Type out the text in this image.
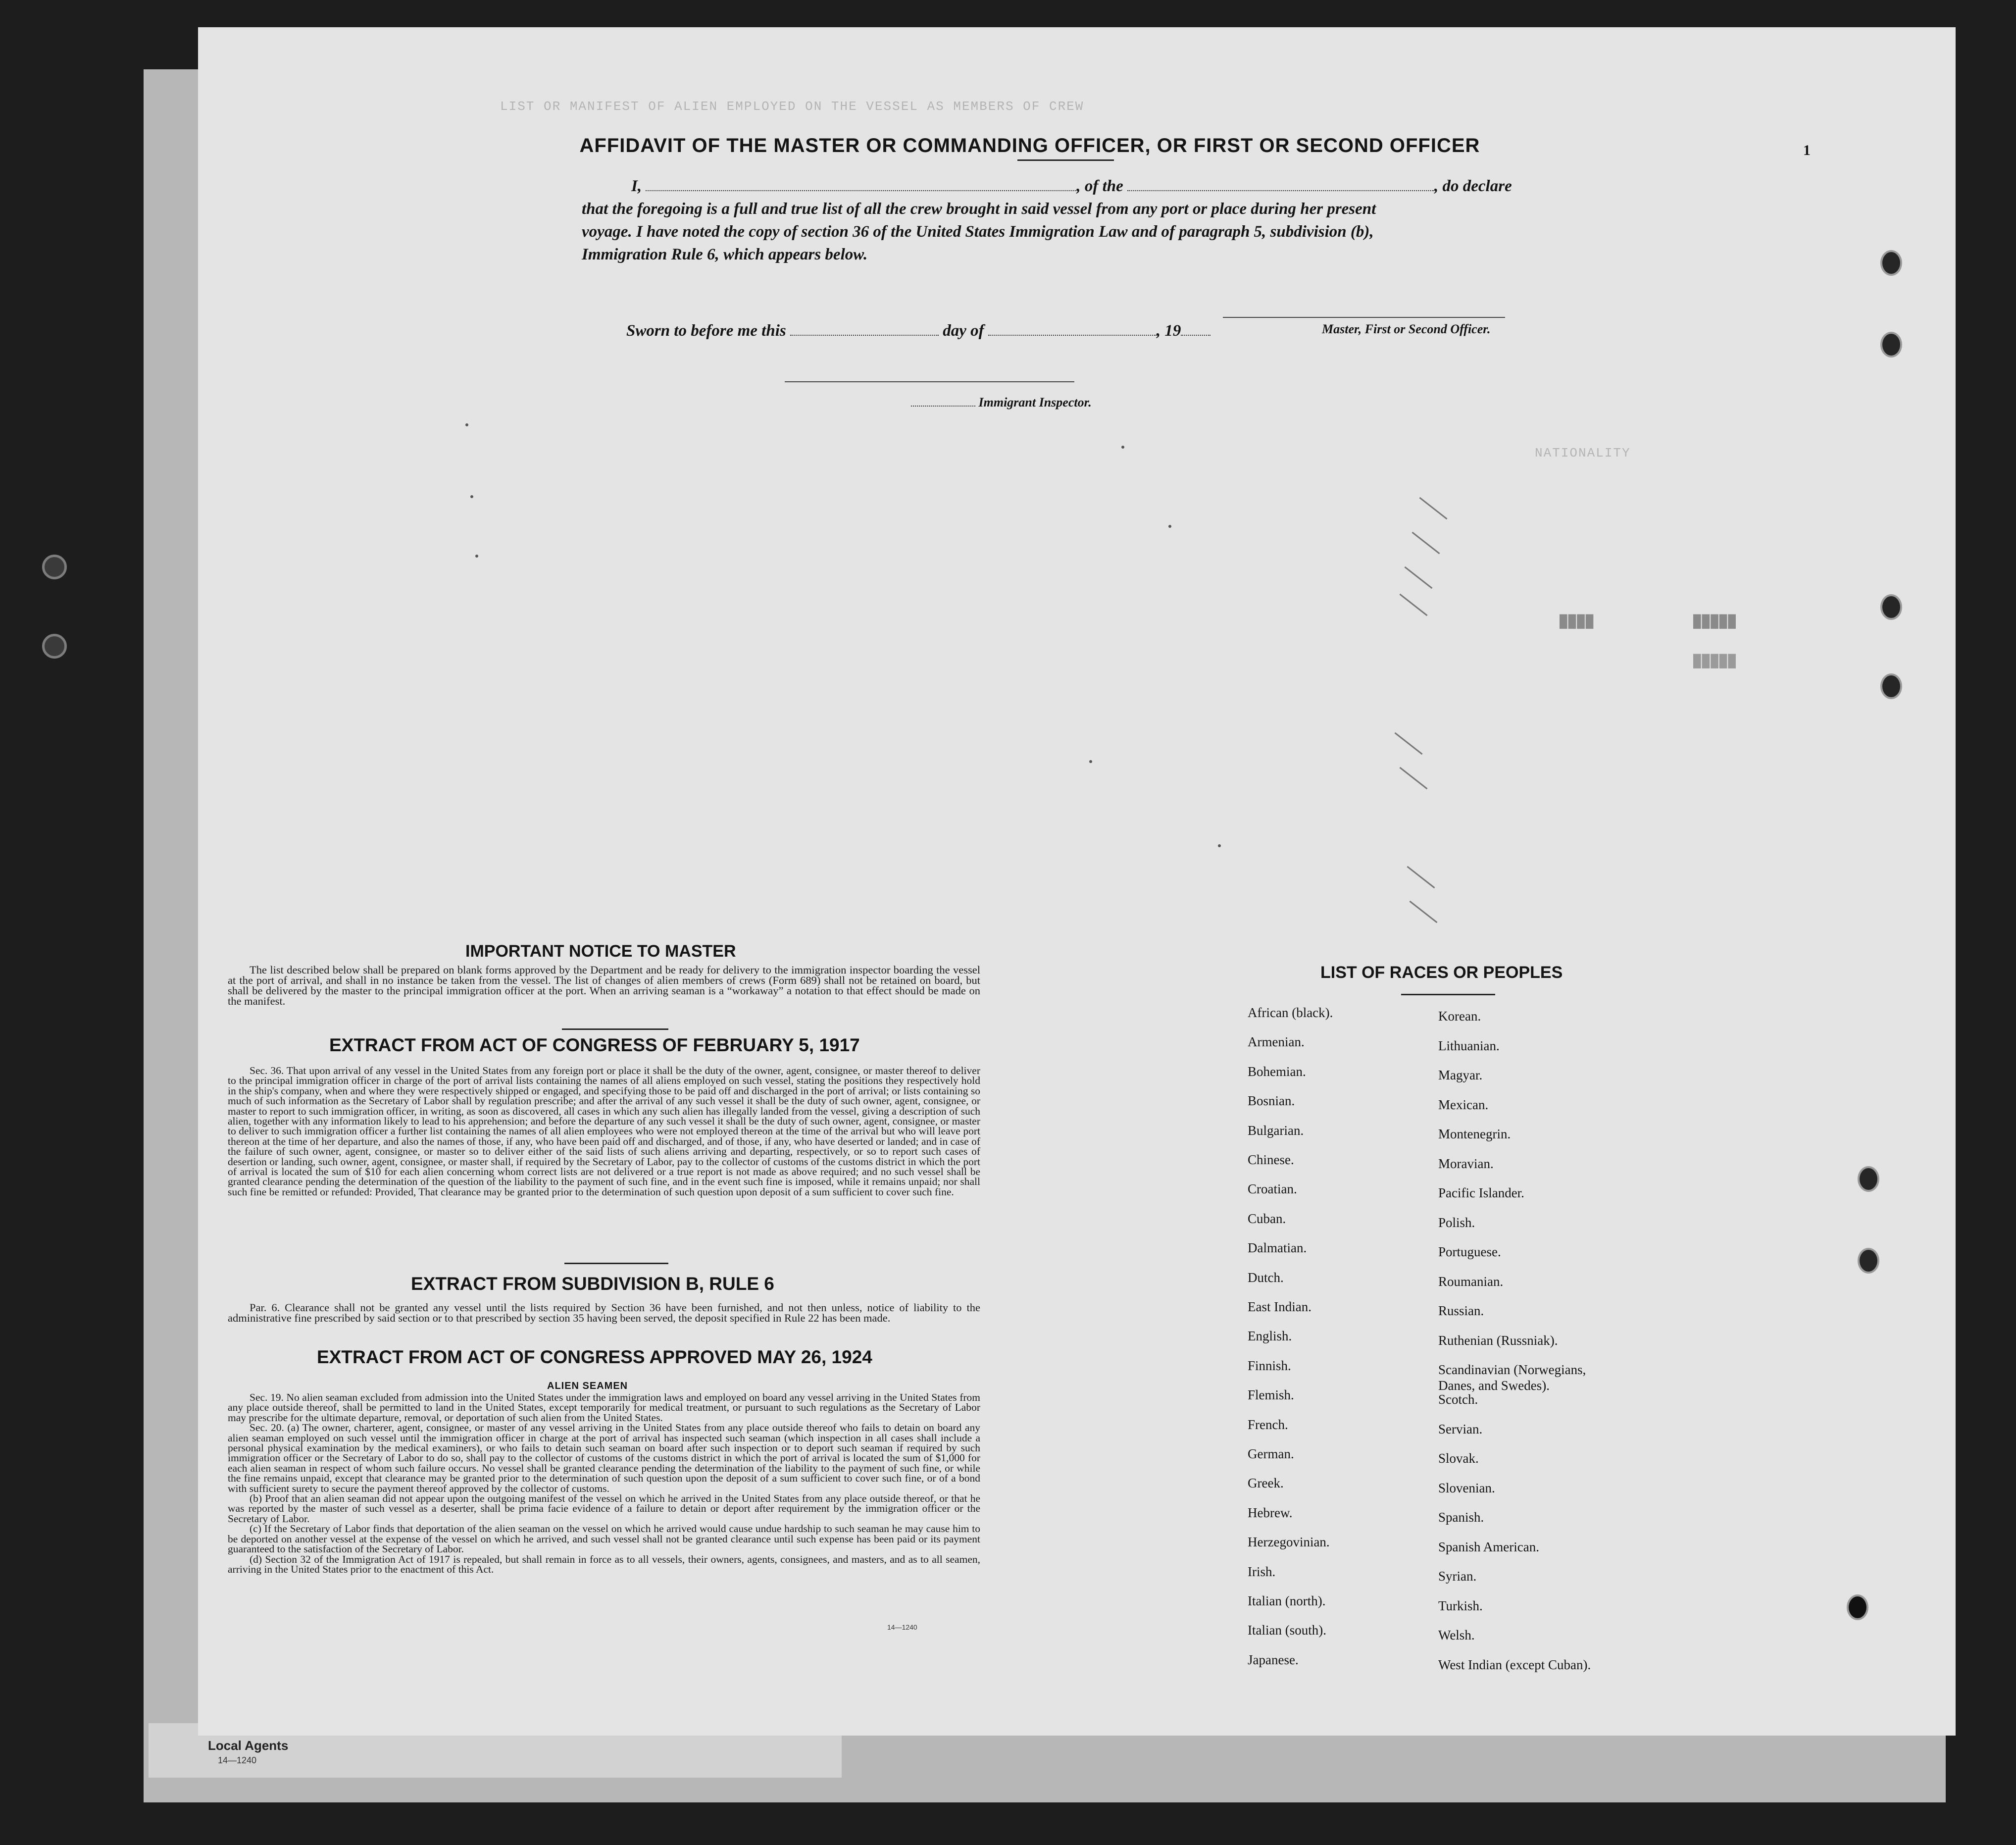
Local Agents
14—1240
1
LIST OR MANIFEST OF ALIEN EMPLOYED ON THE VESSEL AS MEMBERS OF CREW
NATIONALITY
████	█████
█████
AFFIDAVIT OF THE MASTER OR COMMANDING OFFICER, OR FIRST OR SECOND OFFICER
I,	, of the	, do declare
that the foregoing is a full and true list of all the crew brought in said vessel from any port or place during her present
voyage. I have noted the copy of section 36 of the United States Immigration Law and of paragraph 5, subdivision (b),
Immigration Rule 6, which appears below.
Sworn to before me this	day of	, 19	Master, First or Second Officer.
Immigrant Inspector.
IMPORTANT NOTICE TO MASTER

The list described below shall be prepared on blank forms approved by the Department and be ready for delivery to the immigration inspector boarding the vessel at the port of arrival, and shall in no instance be taken from the vessel. The list of changes of alien members of crews (Form 689) shall not be retained on board, but shall be delivered by the master to the principal immigration officer at the port. When an arriving seaman is a “workaway” a notation to that effect should be made on the manifest.

EXTRACT FROM ACT OF CONGRESS OF FEBRUARY 5, 1917

Sec. 36. That upon arrival of any vessel in the United States from any foreign port or place it shall be the duty of the owner, agent, consignee, or master thereof to deliver to the principal immigration officer in charge of the port of arrival lists containing the names of all aliens employed on such vessel, stating the positions they respectively hold in the ship's company, when and where they were respectively shipped or engaged, and specifying those to be paid off and discharged in the port of arrival; or lists containing so much of such information as the Secretary of Labor shall by regulation prescribe; and after the arrival of any such vessel it shall be the duty of such owner, agent, consignee, or master to report to such immigration officer, in writing, as soon as discovered, all cases in which any such alien has illegally landed from the vessel, giving a description of such alien, together with any information likely to lead to his apprehension; and before the departure of any such vessel it shall be the duty of such owner, agent, consignee, or master to deliver to such immigration officer a further list containing the names of all alien employees who were not employed thereon at the time of the arrival but who will leave port thereon at the time of her departure, and also the names of those, if any, who have been paid off and discharged, and of those, if any, who have deserted or landed; and in case of the failure of such owner, agent, consignee, or master so to deliver either of the said lists of such aliens arriving and departing, respectively, or so to report such cases of desertion or landing, such owner, agent, consignee, or master shall, if required by the Secretary of Labor, pay to the collector of customs of the customs district in which the port of arrival is located the sum of $10 for each alien concerning whom correct lists are not delivered or a true report is not made as above required; and no such vessel shall be granted clearance pending the determination of the question of the liability to the payment of such fine, and in the event such fine is imposed, while it remains unpaid; nor shall such fine be remitted or refunded: Provided, That clearance may be granted prior to the determination of such question upon deposit of a sum sufficient to cover such fine.

EXTRACT FROM SUBDIVISION B, RULE 6

Par. 6. Clearance shall not be granted any vessel until the lists required by Section 36 have been furnished, and not then unless, notice of liability to the administrative fine prescribed by said section or to that prescribed by section 35 having been served, the deposit specified in Rule 22 has been made.

EXTRACT FROM ACT OF CONGRESS APPROVED MAY 26, 1924
ALIEN SEAMEN

Sec. 19. No alien seaman excluded from admission into the United States under the immigration laws and employed on board any vessel arriving in the United States from any place outside thereof, shall be permitted to land in the United States, except temporarily for medical treatment, or pursuant to such regulations as the Secretary of Labor may prescribe for the ultimate departure, removal, or deportation of such alien from the United States.

Sec. 20. (a) The owner, charterer, agent, consignee, or master of any vessel arriving in the United States from any place outside thereof who fails to detain on board any alien seaman employed on such vessel until the immigration officer in charge at the port of arrival has inspected such seaman (which inspection in all cases shall include a personal physical examination by the medical examiners), or who fails to detain such seaman on board after such inspection or to deport such seaman if required by such immigration officer or the Secretary of Labor to do so, shall pay to the collector of customs of the customs district in which the port of arrival is located the sum of $1,000 for each alien seaman in respect of whom such failure occurs. No vessel shall be granted clearance pending the determination of the liability to the payment of such fine, or while the fine remains unpaid, except that clearance may be granted prior to the determination of such question upon the deposit of a sum sufficient to cover such fine, or of a bond with sufficient surety to secure the payment thereof approved by the collector of customs.

(b) Proof that an alien seaman did not appear upon the outgoing manifest of the vessel on which he arrived in the United States from any place outside thereof, or that he was reported by the master of such vessel as a deserter, shall be prima facie evidence of a failure to detain or deport after requirement by the immigration officer or the Secretary of Labor.

(c) If the Secretary of Labor finds that deportation of the alien seaman on the vessel on which he arrived would cause undue hardship to such seaman he may cause him to be deported on another vessel at the expense of the vessel on which he arrived, and such vessel shall not be granted clearance until such expense has been paid or its payment guaranteed to the satisfaction of the Secretary of Labor.

(d) Section 32 of the Immigration Act of 1917 is repealed, but shall remain in force as to all vessels, their owners, agents, consignees, and masters, and as to all seamen, arriving in the United States prior to the enactment of this Act.

14—1240
LIST OF RACES OR PEOPLES
African (black).
Armenian.
Bohemian.
Bosnian.
Bulgarian.
Chinese.
Croatian.
Cuban.
Dalmatian.
Dutch.
East Indian.
English.
Finnish.
Flemish.
French.
German.
Greek.
Hebrew.
Herzegovinian.
Irish.
Italian (north).
Italian (south).
Japanese.
Korean.
Lithuanian.
Magyar.
Mexican.
Montenegrin.
Moravian.
Pacific Islander.
Polish.
Portuguese.
Roumanian.
Russian.
Ruthenian (Russniak).
Scandinavian (Norwegians,
Danes, and Swedes).
Scotch.
Servian.
Slovak.
Slovenian.
Spanish.
Spanish American.
Syrian.
Turkish.
Welsh.
West Indian (except Cuban).
